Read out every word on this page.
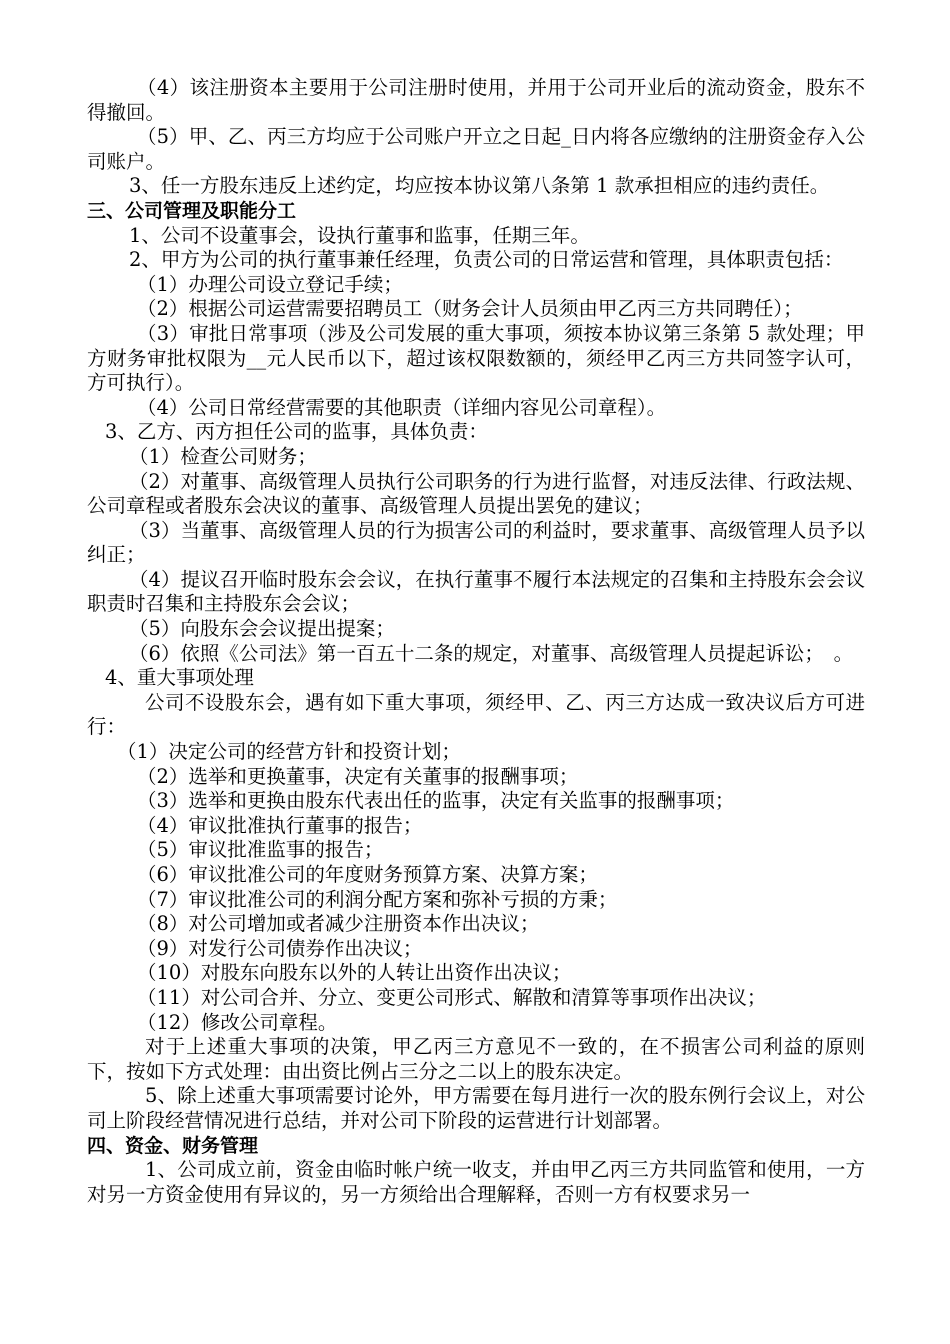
（4）该注册资本主要用于公司注册时使用，并用于公司开业后的流动资金，股东不得撤回。

（5）甲、乙、丙三方均应于公司账户开立之日起_日内将各应缴纳的注册资金存入公司账户。

3、任一方股东违反上述约定，均应按本协议第八条第 1 款承担相应的违约责任。

三、公司管理及职能分工

1、公司不设董事会，设执行董事和监事，任期三年。

2、甲方为公司的执行董事兼任经理，负责公司的日常运营和管理，具体职责包括：

（1）办理公司设立登记手续；

（2）根据公司运营需要招聘员工（财务会计人员须由甲乙丙三方共同聘任）；

（3）审批日常事项（涉及公司发展的重大事项，须按本协议第三条第 5 款处理；甲方财务审批权限为__元人民币以下，超过该权限数额的，须经甲乙丙三方共同签字认可，方可执行）。

（4）公司日常经营需要的其他职责（详细内容见公司章程）。

3、乙方、丙方担任公司的监事，具体负责：

（1）检查公司财务；

（2）对董事、高级管理人员执行公司职务的行为进行监督，对违反法律、行政法规、公司章程或者股东会决议的董事、高级管理人员提出罢免的建议；

（3）当董事、高级管理人员的行为损害公司的利益时，要求董事、高级管理人员予以纠正；

（4）提议召开临时股东会会议，在执行董事不履行本法规定的召集和主持股东会会议职责时召集和主持股东会会议；

（5）向股东会会议提出提案；

（6）依照《公司法》第一百五十二条的规定，对董事、高级管理人员提起诉讼；　。

4、重大事项处理

公司不设股东会，遇有如下重大事项，须经甲、乙、丙三方达成一致决议后方可进行：

（1）决定公司的经营方针和投资计划；

（2）选举和更换董事，决定有关董事的报酬事项；

（3）选举和更换由股东代表出任的监事，决定有关监事的报酬事项；

（4）审议批准执行董事的报告；

（5）审议批准监事的报告；

（6）审议批准公司的年度财务预算方案、决算方案；

（7）审议批准公司的利润分配方案和弥补亏损的方秉；

（8）对公司增加或者减少注册资本作出决议；

（9）对发行公司债券作出决议；

（10）对股东向股东以外的人转让出资作出决议；

（11）对公司合并、分立、变更公司形式、解散和清算等事项作出决议；

（12）修改公司章程。

对于上述重大事项的决策，甲乙丙三方意见不一致的，在不损害公司利益的原则下，按如下方式处理：由出资比例占三分之二以上的股东决定。

5、除上述重大事项需要讨论外，甲方需要在每月进行一次的股东例行会议上，对公司上阶段经营情况进行总结，并对公司下阶段的运营进行计划部署。

四、资金、财务管理

1、公司成立前，资金由临时帐户统一收支，并由甲乙丙三方共同监管和使用，一方对另一方资金使用有异议的，另一方须给出合理解释，否则一方有权要求另一
